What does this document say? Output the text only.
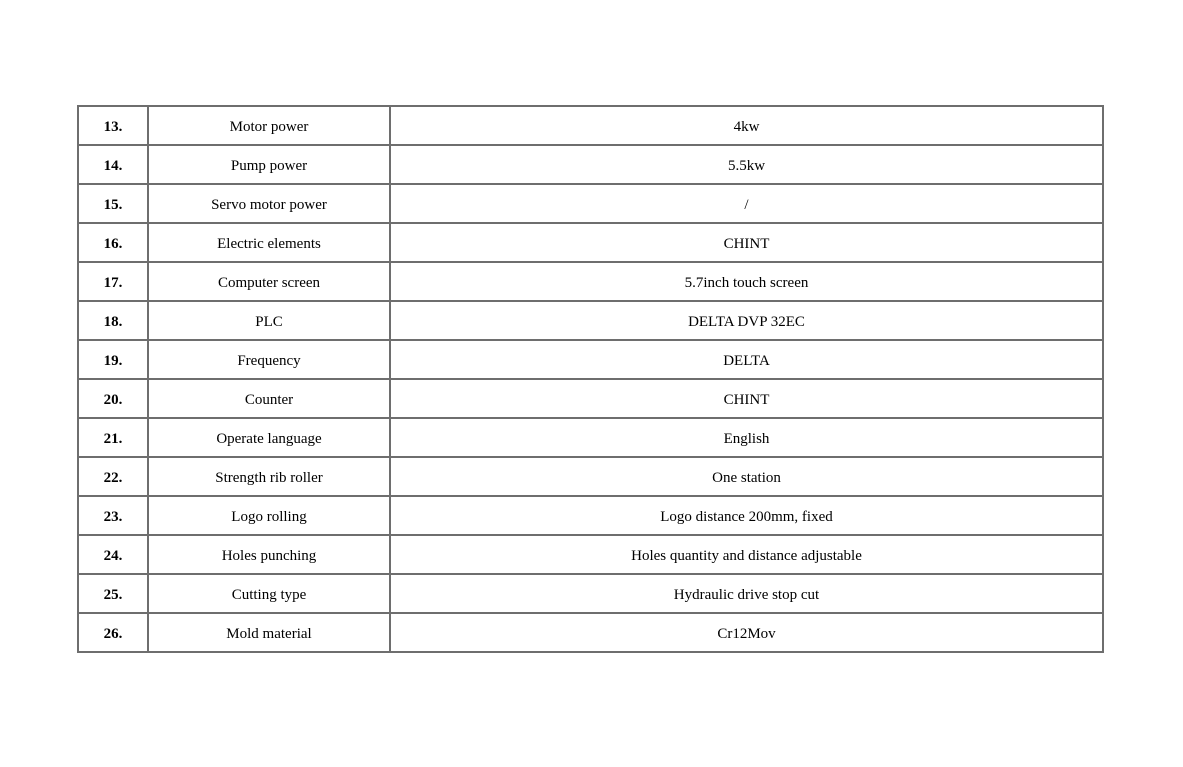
13.	Motor power	4kw
14.	Pump power	5.5kw
15.	Servo motor power	/
16.	Electric elements	CHINT
17.	Computer screen	5.7inch touch screen
18.	PLC	DELTA DVP 32EC
19.	Frequency	DELTA
20.	Counter	CHINT
21.	Operate language	English
22.	Strength rib roller	One station
23.	Logo rolling	Logo distance 200mm, fixed
24.	Holes punching	Holes quantity and distance adjustable
25.	Cutting type	Hydraulic drive stop cut
26.	Mold material	Cr12Mov
